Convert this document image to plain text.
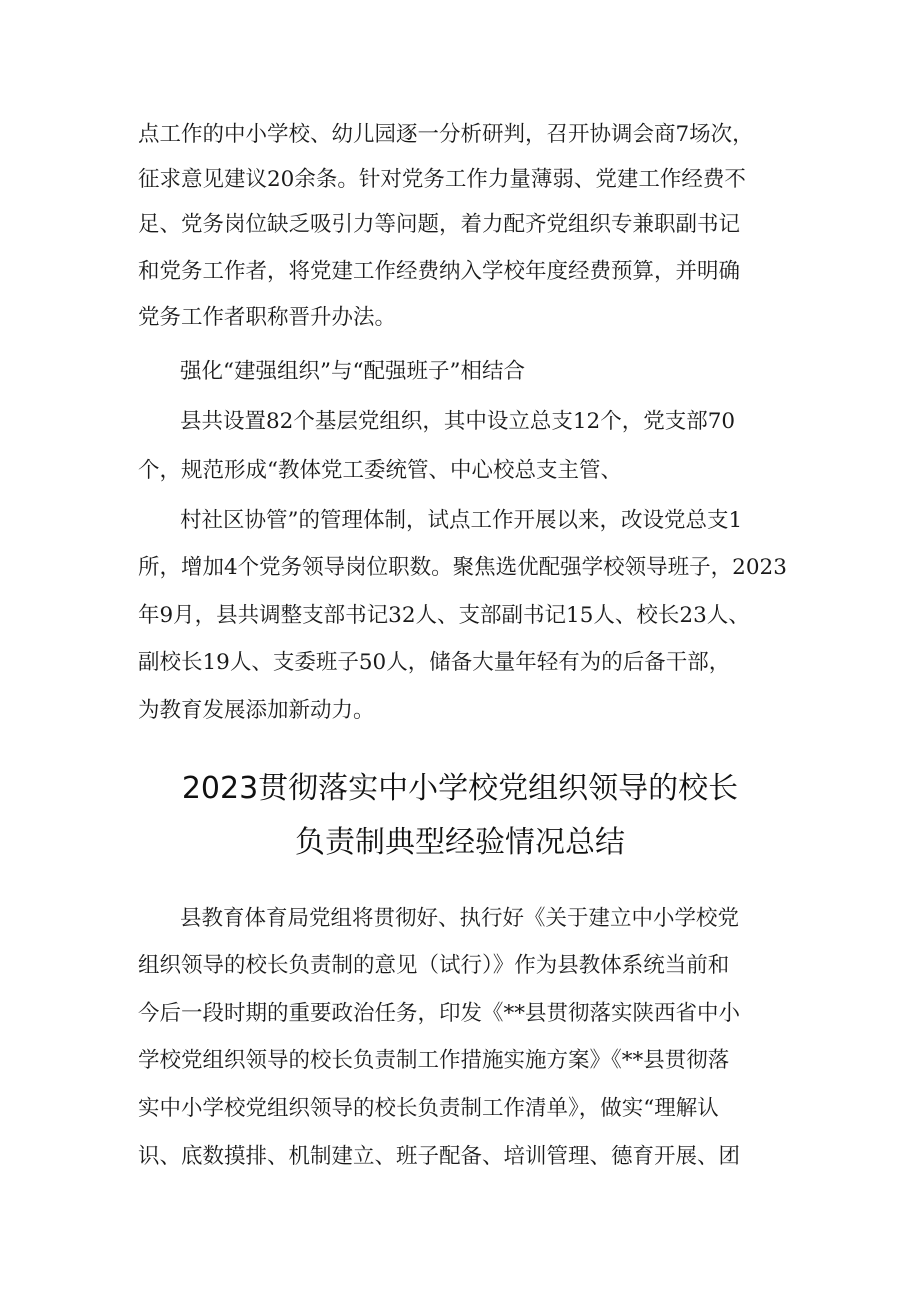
点工作的中小学校、幼儿园逐一分析研判，召开协调会商7场次，
征求意见建议20余条。针对党务工作力量薄弱、党建工作经费不
足、党务岗位缺乏吸引力等问题，着力配齐党组织专兼职副书记
和党务工作者，将党建工作经费纳入学校年度经费预算，并明确
党务工作者职称晋升办法。
强化“建强组织”与“配强班子”相结合
县共设置82个基层党组织，其中设立总支12个，党支部70
个，规范形成“教体党工委统管、中心校总支主管、
村社区协管”的管理体制，试点工作开展以来，改设党总支1
所，增加4个党务领导岗位职数。聚焦选优配强学校领导班子，2023
年9月，县共调整支部书记32人、支部副书记15人、校长23人、
副校长19人、支委班子50人，储备大量年轻有为的后备干部，
为教育发展添加新动力。
2023贯彻落实中小学校党组织领导的校长
负责制典型经验情况总结
县教育体育局党组将贯彻好、执行好《关于建立中小学校党
组织领导的校长负责制的意见（试行）》作为县教体系统当前和
今后一段时期的重要政治任务，印发《**县贯彻落实陕西省中小
学校党组织领导的校长负责制工作措施实施方案》《**县贯彻落
实中小学校党组织领导的校长负责制工作清单》，做实“理解认
识、底数摸排、机制建立、班子配备、培训管理、德育开展、团
